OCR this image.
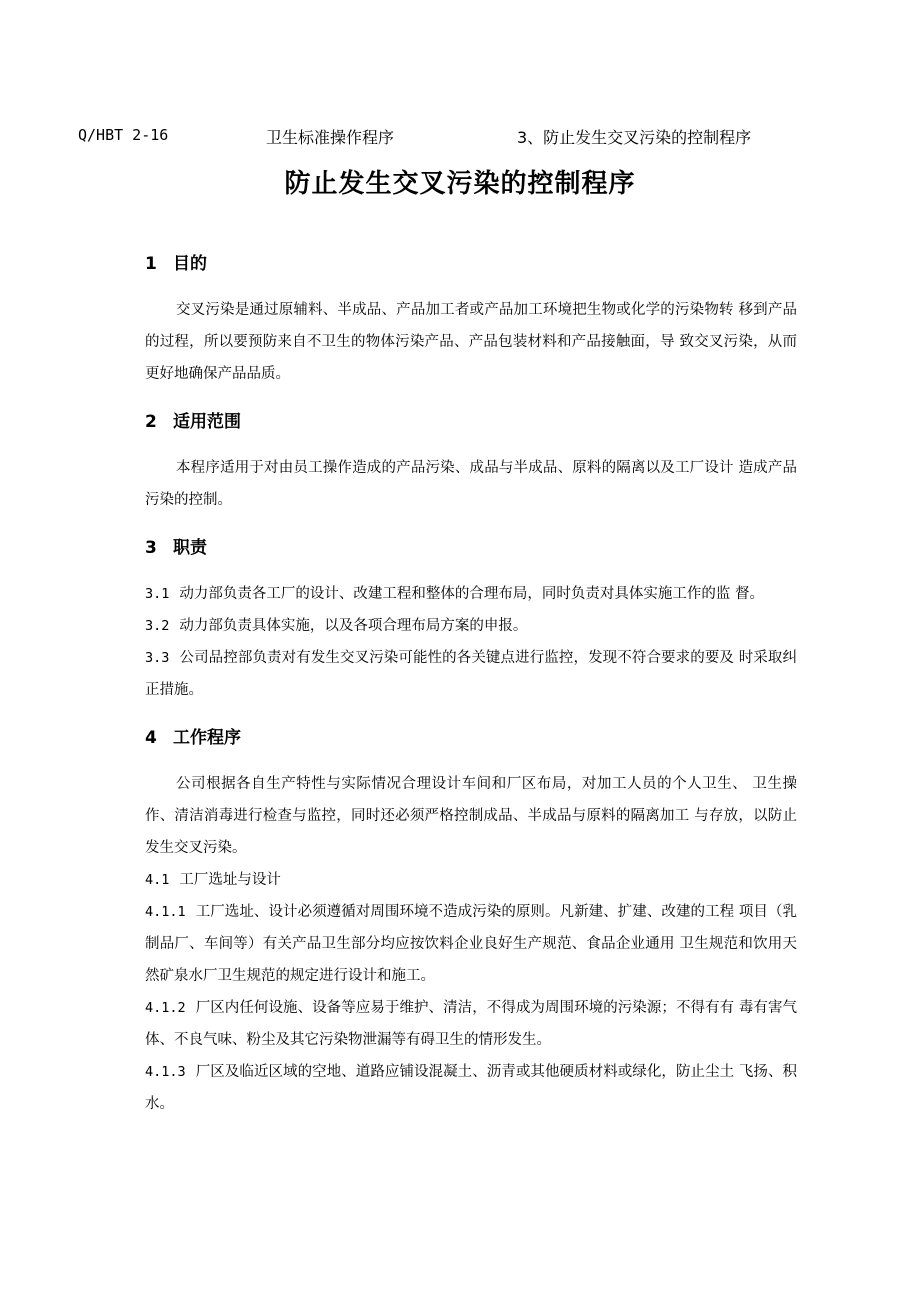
Q/HBT 2-16	卫生标准操作程序	3、防止发生交叉污染的控制程序
防止发生交叉污染的控制程序
1 目的

交叉污染是通过原辅料、半成品、产品加工者或产品加工环境把生物或化学的污染物转 移到产品的过程，所以要预防来自不卫生的物体污染产品、产品包装材料和产品接触面，导 致交叉污染，从而更好地确保产品品质。

2 适用范围

本程序适用于对由员工操作造成的产品污染、成品与半成品、原料的隔离以及工厂设计 造成产品污染的控制。

3 职责

3.1 动力部负责各工厂的设计、改建工程和整体的合理布局，同时负责对具体实施工作的监 督。

3.2 动力部负责具体实施，以及各项合理布局方案的申报。

3.3 公司品控部负责对有发生交叉污染可能性的各关键点进行监控，发现不符合要求的要及 时采取纠正措施。

4 工作程序

公司根据各自生产特性与实际情况合理设计车间和厂区布局，对加工人员的个人卫生、 卫生操作、清洁消毒进行检查与监控，同时还必须严格控制成品、半成品与原料的隔离加工 与存放，以防止发生交叉污染。

4.1 工厂选址与设计

4.1.1 工厂选址、设计必须遵循对周围环境不造成污染的原则。凡新建、扩建、改建的工程 项目（乳制品厂、车间等）有关产品卫生部分均应按饮料企业良好生产规范、食品企业通用 卫生规范和饮用天然矿泉水厂卫生规范的规定进行设计和施工。

4.1.2 厂区内任何设施、设备等应易于维护、清洁，不得成为周围环境的污染源；不得有有 毒有害气体、不良气味、粉尘及其它污染物泄漏等有碍卫生的情形发生。

4.1.3 厂区及临近区域的空地、道路应铺设混凝土、沥青或其他硬质材料或绿化，防止尘土 飞扬、积水。
